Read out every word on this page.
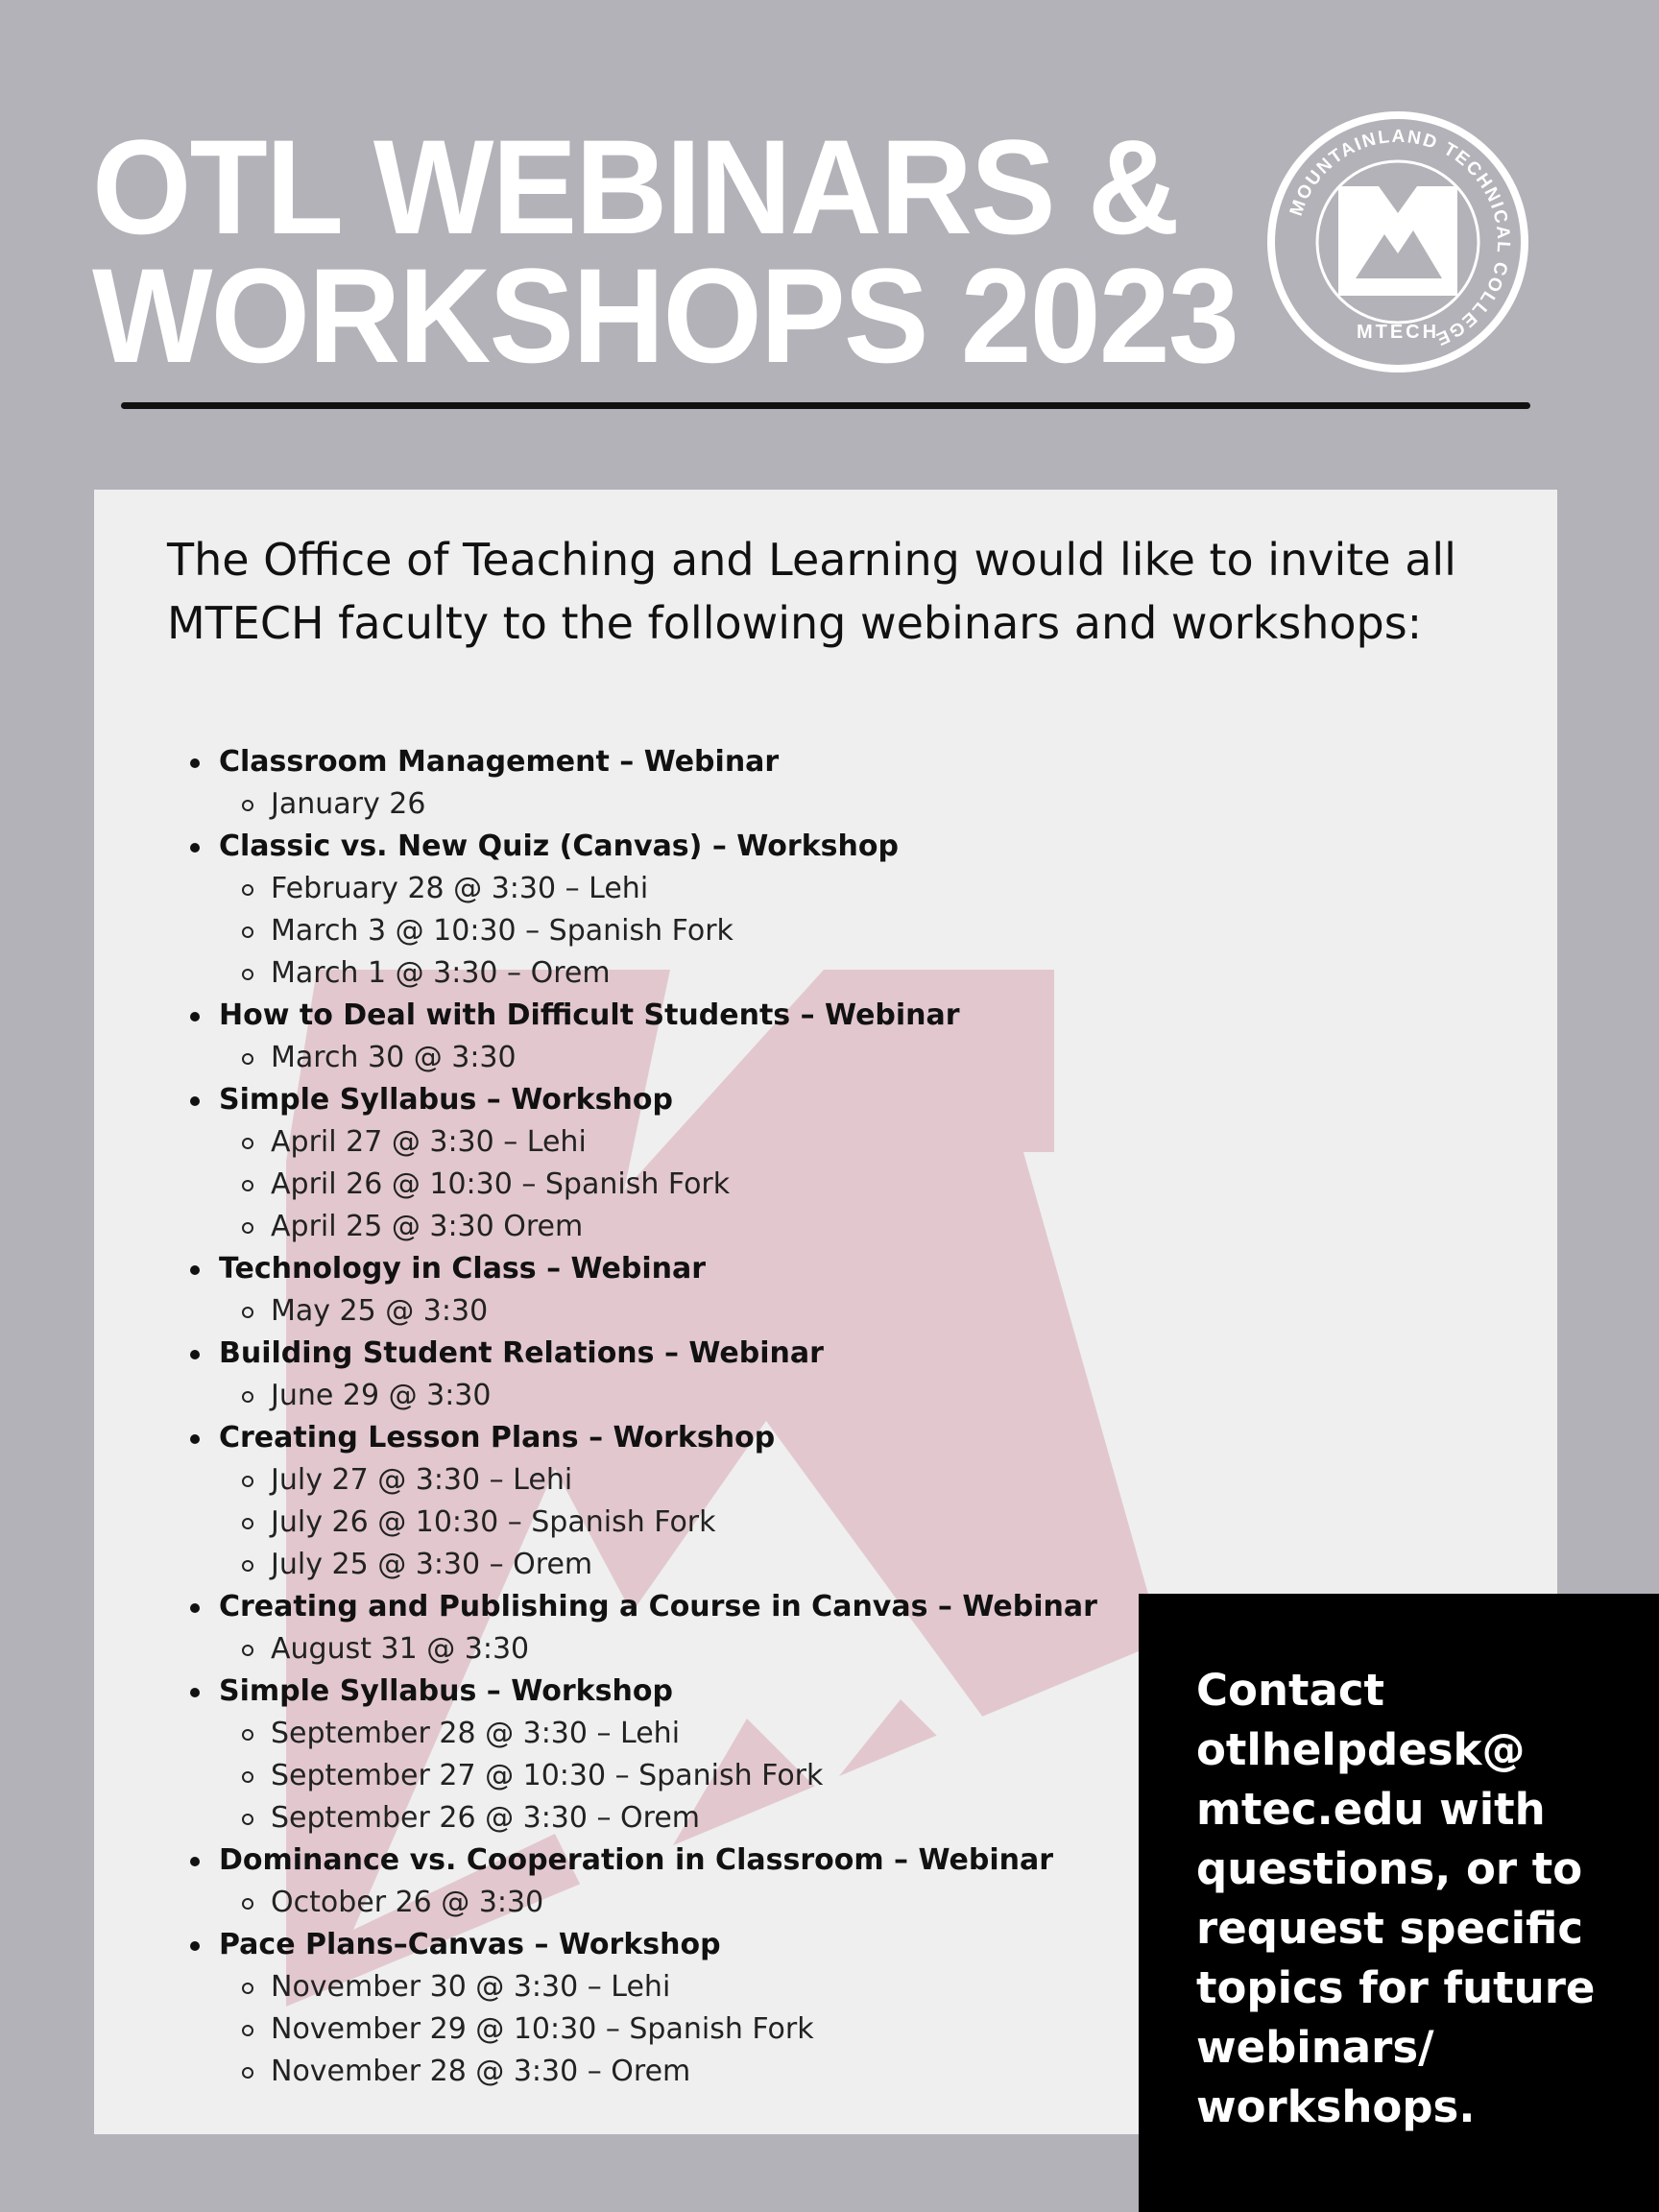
OTL WEBINARS &
WORKSHOPS 2023
MOUNTAINLAND TECHNICAL COLLEGE
MTECH
1989

The Office of Teaching and Learning would like to invite all MTECH faculty to the following webinars and workshops:

Classroom Management – Webinar
January 26
Classic vs. New Quiz (Canvas) – Workshop
February 28 @ 3:30 – Lehi
March 3 @ 10:30 – Spanish Fork
March 1 @ 3:30 – Orem
How to Deal with Difficult Students – Webinar
March 30 @ 3:30
Simple Syllabus – Workshop
April 27 @ 3:30 – Lehi
April 26 @ 10:30 – Spanish Fork
April 25 @ 3:30 Orem
Technology in Class – Webinar
May 25 @ 3:30
Building Student Relations – Webinar
June 29 @ 3:30
Creating Lesson Plans – Workshop
July 27 @ 3:30 – Lehi
July 26 @ 10:30 – Spanish Fork
July 25 @ 3:30 – Orem
Creating and Publishing a Course in Canvas – Webinar
August 31 @ 3:30
Simple Syllabus – Workshop
September 28 @ 3:30 – Lehi
September 27 @ 10:30 – Spanish Fork
September 26 @ 3:30 – Orem
Dominance vs. Cooperation in Classroom – Webinar
October 26 @ 3:30
Pace Plans–Canvas – Workshop
November 30 @ 3:30 – Lehi
November 29 @ 10:30 – Spanish Fork
November 28 @ 3:30 – Orem

Contact otlhelpdesk@ mtec.edu with questions, or to request specific topics for future webinars/ workshops.
